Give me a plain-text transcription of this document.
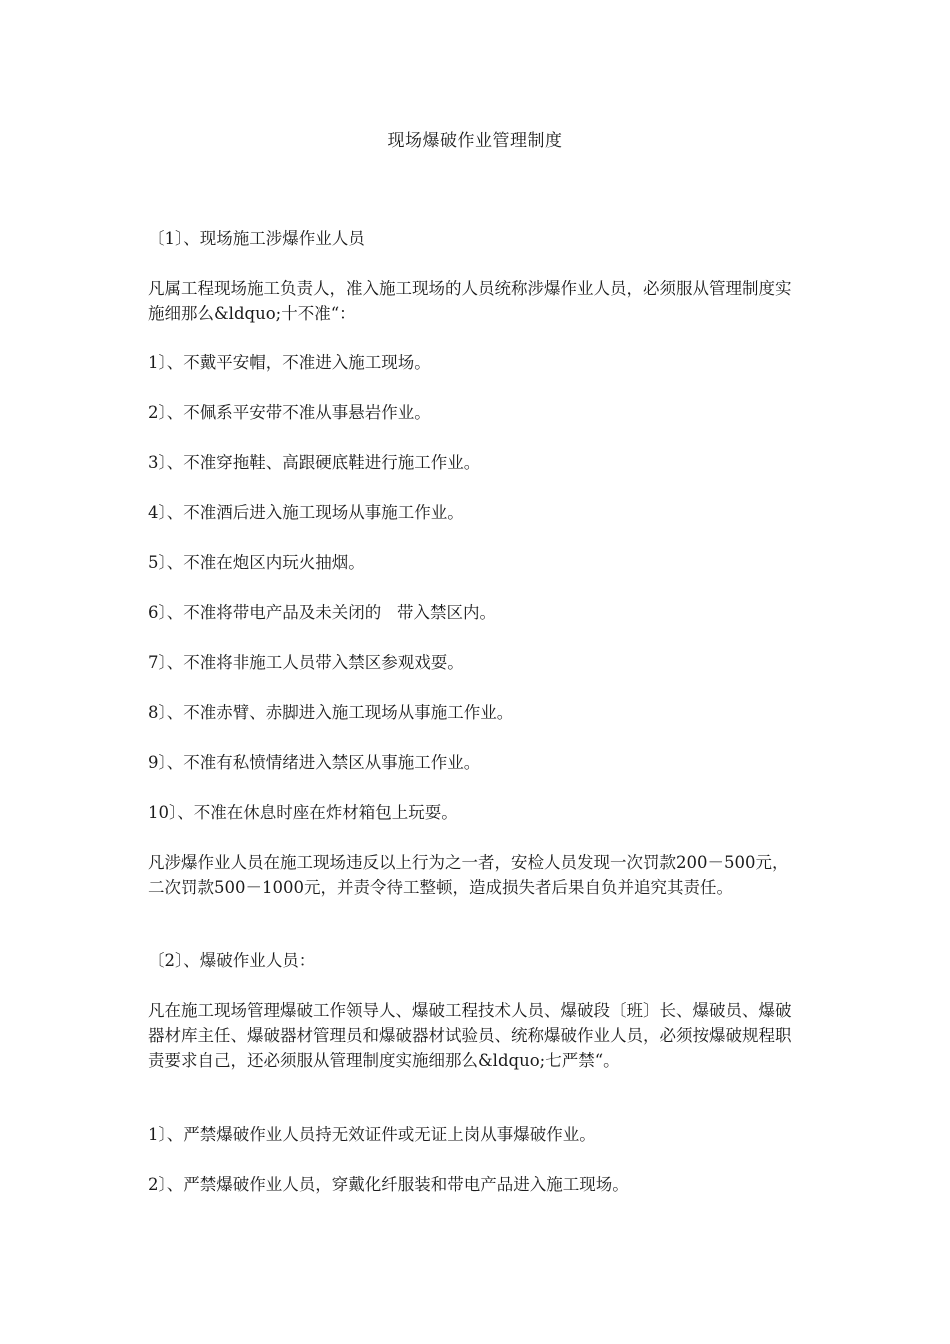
现场爆破作业管理制度

〔1〕、现场施工涉爆作业人员

凡属工程现场施工负责人，准入施工现场的人员统称涉爆作业人员，必须服从管理制度实施细那么&ldquo;十不准“：

1〕、不戴平安帽，不准进入施工现场。

2〕、不佩系平安带不准从事悬岩作业。

3〕、不准穿拖鞋、高跟硬底鞋进行施工作业。

4〕、不准酒后进入施工现场从事施工作业。

5〕、不准在炮区内玩火抽烟。

6〕、不准将带电产品及未关闭的   带入禁区内。

7〕、不准将非施工人员带入禁区参观戏耍。

8〕、不准赤臂、赤脚进入施工现场从事施工作业。

9〕、不准有私愤情绪进入禁区从事施工作业。

10〕、不准在休息时座在炸材箱包上玩耍。

凡涉爆作业人员在施工现场违反以上行为之一者，安检人员发现一次罚款200－500元，二次罚款500－1000元，并责令待工整顿，造成损失者后果自负并追究其责任。

〔2〕、爆破作业人员：

凡在施工现场管理爆破工作领导人、爆破工程技术人员、爆破段〔班〕长、爆破员、爆破器材库主任、爆破器材管理员和爆破器材试验员、统称爆破作业人员，必须按爆破规程职责要求自己，还必须服从管理制度实施细那么&ldquo;七严禁“。

1〕、严禁爆破作业人员持无效证件或无证上岗从事爆破作业。

2〕、严禁爆破作业人员，穿戴化纤服装和带电产品进入施工现场。
